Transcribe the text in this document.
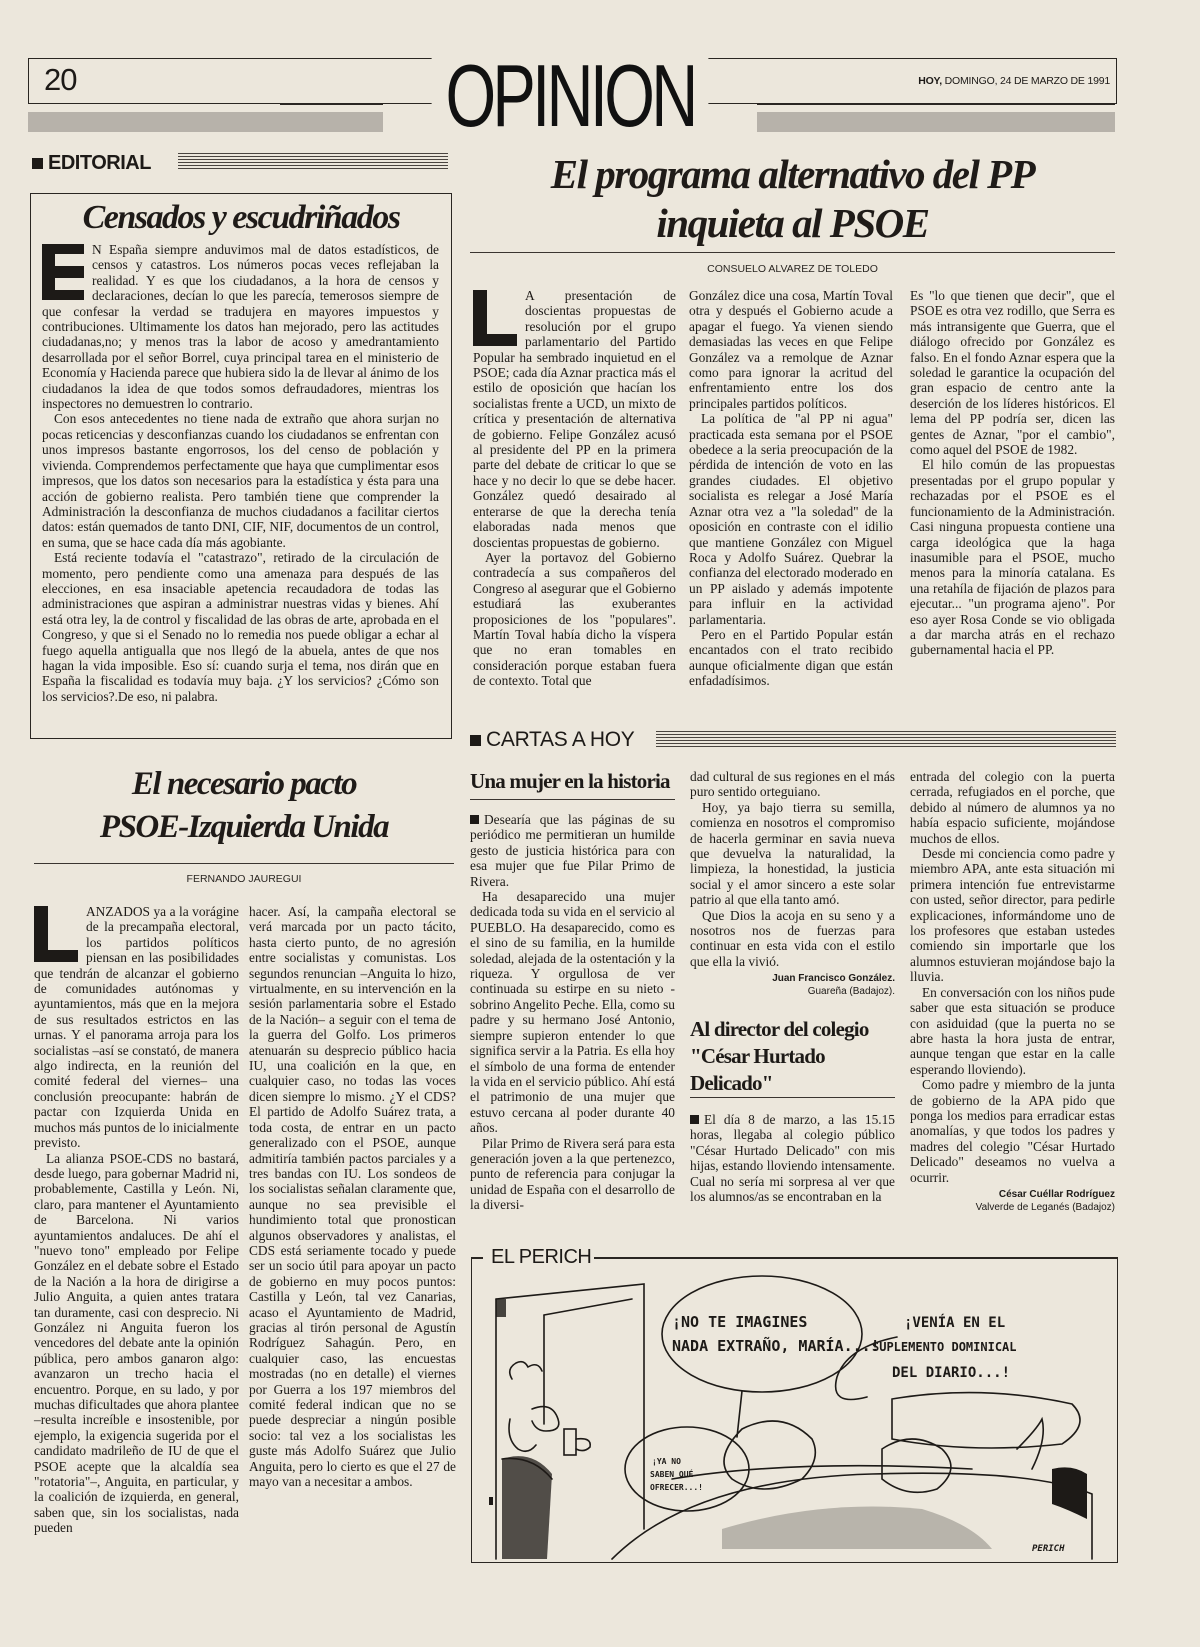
20	OPINION	HOY, DOMINGO, 24 DE MARZO DE 1991
EDITORIAL
Censados y escudriñados

N España siempre anduvimos mal de datos estadísticos, de censos y catastros. Los números pocas veces reflejaban la realidad. Y es que los ciudadanos, a la hora de censos y declaraciones, decían lo que les parecía, temerosos siempre de que confesar la verdad se tradujera en mayores impuestos y contribuciones. Ultimamente los datos han mejorado, pero las actitudes ciudadanas,no; y menos tras la labor de acoso y amedrantamiento desarrollada por el señor Borrel, cuya principal tarea en el ministerio de Economía y Hacienda parece que hubiera sido la de llevar al ánimo de los ciudadanos la idea de que todos somos defraudadores, mientras los inspectores no demuestren lo contrario.

Con esos antecedentes no tiene nada de extraño que ahora surjan no pocas reticencias y desconfianzas cuando los ciudadanos se enfrentan con unos impresos bastante engorrosos, los del censo de población y vivienda. Comprendemos perfectamente que haya que cumplimentar esos impresos, que los datos son necesarios para la estadística y ésta para una acción de gobierno realista. Pero también tiene que comprender la Administración la desconfianza de muchos ciudadanos a facilitar ciertos datos: están quemados de tanto DNI, CIF, NIF, documentos de un control, en suma, que se hace cada día más agobiante.

Está reciente todavía el "catastrazo", retirado de la circulación de momento, pero pendiente como una amenaza para después de las elecciones, en esa insaciable apetencia recaudadora de todas las administraciones que aspiran a administrar nuestras vidas y bienes. Ahí está otra ley, la de control y fiscalidad de las obras de arte, aprobada en el Congreso, y que si el Senado no lo remedia nos puede obligar a echar al fuego aquella antigualla que nos llegó de la abuela, antes de que nos hagan la vida imposible. Eso sí: cuando surja el tema, nos dirán que en España la fiscalidad es todavía muy baja. ¿Y los servicios? ¿Cómo son los servicios?.De eso, ni palabra.

El programa alternativo del PP
inquieta al PSOE
CONSUELO ALVAREZ DE TOLEDO

A presentación de doscientas propuestas de resolución por el grupo parlamentario del Partido Popular ha sembrado inquietud en el PSOE; cada día Aznar practica más el estilo de oposición que hacían los socialistas frente a UCD, un mixto de crítica y presentación de alternativa de gobierno. Felipe González acusó al presidente del PP en la primera parte del debate de criticar lo que se hace y no decir lo que se debe hacer. González quedó desairado al enterarse de que la derecha tenía elaboradas nada menos que doscientas propuestas de gobierno.

Ayer la portavoz del Gobierno contradecía a sus compañeros del Congreso al asegurar que el Gobierno estudiará las exuberantes proposiciones de los "populares". Martín Toval había dicho la víspera que no eran tomables en consideración porque estaban fuera de contexto. Total que

González dice una cosa, Martín Toval otra y después el Gobierno acude a apagar el fuego. Ya vienen siendo demasiadas las veces en que Felipe González va a remolque de Aznar como para ignorar la acritud del enfrentamiento entre los dos principales partidos políticos.

La política de "al PP ni agua" practicada esta semana por el PSOE obedece a la seria preocupación de la pérdida de intención de voto en las grandes ciudades. El objetivo socialista es relegar a José María Aznar otra vez a "la soledad" de la oposición en contraste con el idilio que mantiene González con Miguel Roca y Adolfo Suárez. Quebrar la confianza del electorado moderado en un PP aislado y además impotente para influir en la actividad parlamentaria.

Pero en el Partido Popular están encantados con el trato recibido aunque oficialmente digan que están enfadadísimos.

Es "lo que tienen que decir", que el PSOE es otra vez rodillo, que Serra es más intransigente que Guerra, que el diálogo ofrecido por González es falso. En el fondo Aznar espera que la soledad le garantice la ocupación del gran espacio de centro ante la deserción de los líderes históricos. El lema del PP podría ser, dicen las gentes de Aznar, "por el cambio", como aquel del PSOE de 1982.

El hilo común de las propuestas presentadas por el grupo popular y rechazadas por el PSOE es el funcionamiento de la Administración. Casi ninguna propuesta contiene una carga ideológica que la haga inasumible para el PSOE, mucho menos para la minoría catalana. Es una retahíla de fijación de plazos para ejecutar... "un programa ajeno". Por eso ayer Rosa Conde se vio obligada a dar marcha atrás en el rechazo gubernamental hacia el PP.

El necesario pacto
PSOE-Izquierda Unida
FERNANDO JAUREGUI

ANZADOS ya a la vorágine de la precampaña electoral, los partidos políticos piensan en las posibilidades que tendrán de alcanzar el gobierno de comunidades autónomas y ayuntamientos, más que en la mejora de sus resultados estrictos en las urnas. Y el panorama arroja para los socialistas –así se constató, de manera algo indirecta, en la reunión del comité federal del viernes– una conclusión preocupante: habrán de pactar con Izquierda Unida en muchos más puntos de lo inicialmente previsto.

La alianza PSOE-CDS no bastará, desde luego, para gobernar Madrid ni, probablemente, Castilla y León. Ni, claro, para mantener el Ayuntamiento de Barcelona. Ni varios ayuntamientos andaluces. De ahí el "nuevo tono" empleado por Felipe González en el debate sobre el Estado de la Nación a la hora de dirigirse a Julio Anguita, a quien antes tratara tan duramente, casi con desprecio. Ni González ni Anguita fueron los vencedores del debate ante la opinión pública, pero ambos ganaron algo: avanzaron un trecho hacia el encuentro. Porque, en su lado, y por muchas dificultades que ahora plantee –resulta increíble e insostenible, por ejemplo, la exigencia sugerida por el candidato madrileño de IU de que el PSOE acepte que la alcaldía sea "rotatoria"–, Anguita, en particular, y la coalición de izquierda, en general, saben que, sin los socialistas, nada pueden

hacer. Así, la campaña electoral se verá marcada por un pacto tácito, hasta cierto punto, de no agresión entre socialistas y comunistas. Los segundos renuncian –Anguita lo hizo, virtualmente, en su intervención en la sesión parlamentaria sobre el Estado de la Nación– a seguir con el tema de la guerra del Golfo. Los primeros atenuarán su desprecio público hacia IU, una coalición en la que, en cualquier caso, no todas las voces dicen siempre lo mismo. ¿Y el CDS? El partido de Adolfo Suárez trata, a toda costa, de entrar en un pacto generalizado con el PSOE, aunque admitiría también pactos parciales y a tres bandas con IU. Los sondeos de los socialistas señalan claramente que, aunque no sea previsible el hundimiento total que pronostican algunos observadores y analistas, el CDS está seriamente tocado y puede ser un socio útil para apoyar un pacto de gobierno en muy pocos puntos: Castilla y León, tal vez Canarias, acaso el Ayuntamiento de Madrid, gracias al tirón personal de Agustín Rodríguez Sahagún. Pero, en cualquier caso, las encuestas mostradas (no en detalle) el viernes por Guerra a los 197 miembros del comité federal indican que no se puede despreciar a ningún posible socio: tal vez a los socialistas les guste más Adolfo Suárez que Julio Anguita, pero lo cierto es que el 27 de mayo van a necesitar a ambos.

CARTAS A HOY
Una mujer en la historia

Desearía que las páginas de su periódico me permitieran un humilde gesto de justicia histórica para con esa mujer que fue Pilar Primo de Rivera.

Ha desaparecido una mujer dedicada toda su vida en el servicio al PUEBLO. Ha desaparecido, como es el sino de su familia, en la humilde soledad, alejada de la ostentación y la riqueza. Y orgullosa de ver continuada su estirpe en su nieto - sobrino Angelito Peche. Ella, como su padre y su hermano José Antonio, siempre supieron entender lo que significa servir a la Patria. Es ella hoy el símbolo de una forma de entender la vida en el servicio público. Ahí está el patrimonio de una mujer que estuvo cercana al poder durante 40 años.

Pilar Primo de Rivera será para esta generación joven a la que pertenezco, punto de referencia para conjugar la unidad de España con el desarrollo de la diversi-

dad cultural de sus regiones en el más puro sentido orteguiano.

Hoy, ya bajo tierra su semilla, comienza en nosotros el compromiso de hacerla germinar en savia nueva que devuelva la naturalidad, la limpieza, la honestidad, la justicia social y el amor sincero a este solar patrio al que ella tanto amó.

Que Dios la acoja en su seno y a nosotros nos de fuerzas para continuar en esta vida con el estilo que ella la vivió.

Juan Francisco González.
Guareña (Badajoz).
Al director del colegio
"César Hurtado
Delicado"

El día 8 de marzo, a las 15.15 horas, llegaba al colegio público "César Hurtado Delicado" con mis hijas, estando lloviendo intensamente. Cual no sería mi sorpresa al ver que los alumnos/as se encontraban en la

entrada del colegio con la puerta cerrada, refugiados en el porche, que debido al número de alumnos ya no había espacio suficiente, mojándose muchos de ellos.

Desde mi conciencia como padre y miembro APA, ante esta situación mi primera intención fue entrevistarme con usted, señor director, para pedirle explicaciones, informándome uno de los profesores que estaban ustedes comiendo sin importarle que los alumnos estuvieran mojándose bajo la lluvia.

En conversación con los niños pude saber que esta situación se produce con asiduidad (que la puerta no se abre hasta la hora justa de entrar, aunque tengan que estar en la calle esperando lloviendo).

Como padre y miembro de la junta de gobierno de la APA pido que ponga los medios para erradicar estas anomalías, y que todos los padres y madres del colegio "César Hurtado Delicado" deseamos no vuelva a ocurrir.

César Cuéllar Rodríguez
Valverde de Leganés (Badajoz)
EL PERICH
¡NO TE IMAGINES
NADA EXTRAÑO, MARÍA...!
¡VENÍA EN EL
SUPLEMENTO DOMINICAL
DEL DIARIO...!
¡YA NO
SABEN QUÉ
OFRECER...!
PERICH
